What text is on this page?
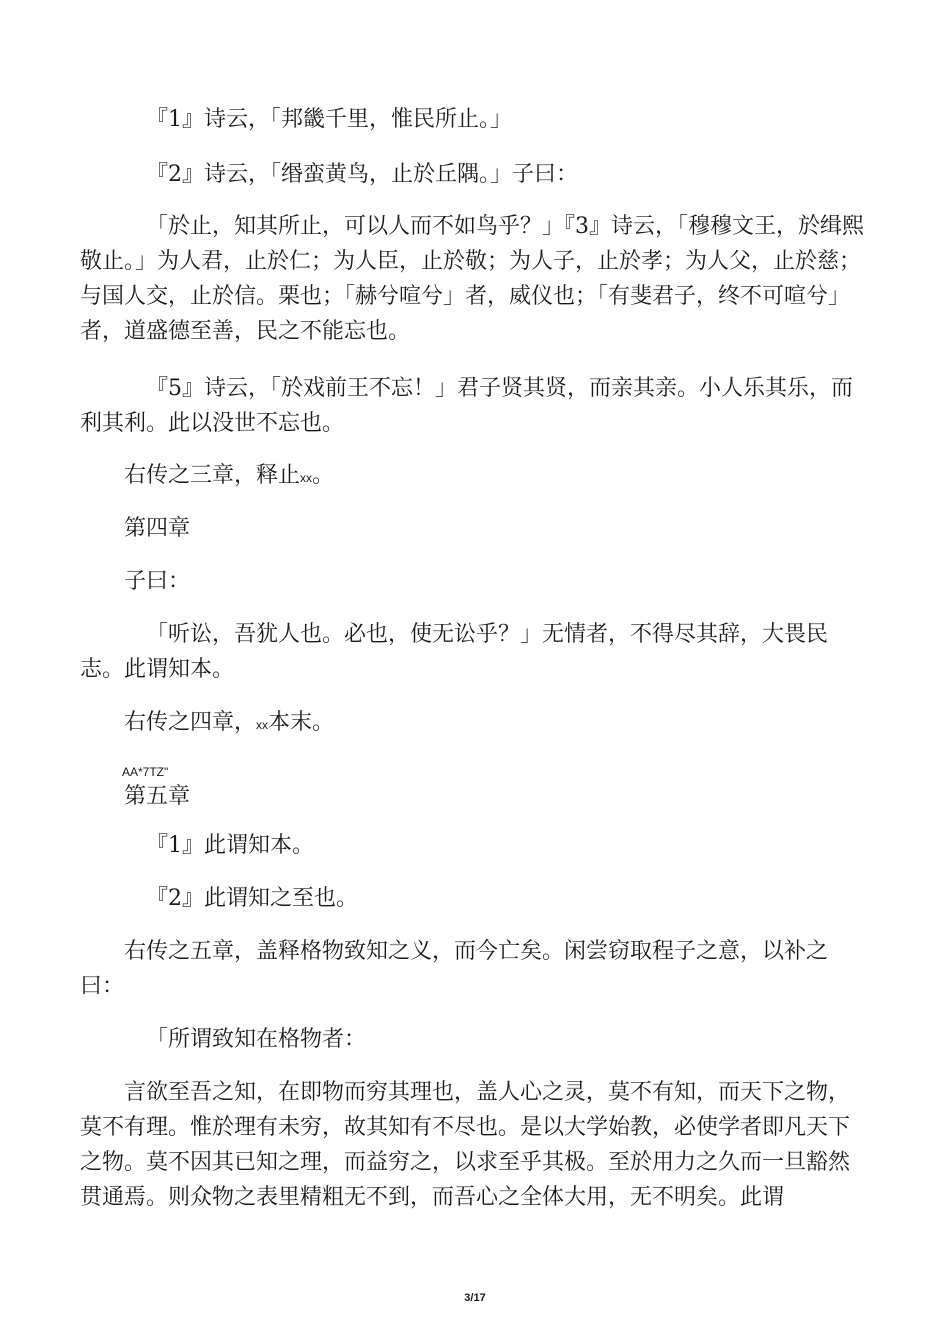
『1』诗云，「邦畿千里，惟民所止。」

『2』诗云，「缗蛮黄鸟，止於丘隅。」子曰：

「於止，知其所止，可以人而不如鸟乎？」『3』诗云，「穆穆文王，於缉熙敬止。」为人君，止於仁；为人臣，止於敬；为人子，止於孝；为人父，止於慈；与国人交，止於信。栗也；「赫兮喧兮」者，威仪也；「有斐君子，终不可喧兮」者，道盛德至善，民之不能忘也。

『5』诗云，「於戏前王不忘！」君子贤其贤，而亲其亲。小人乐其乐，而利其利。此以没世不忘也。

右传之三章，释止xx。

第四章

子曰：

「听讼，吾犹人也。必也，使无讼乎？」无情者，不得尽其辞，大畏民志。此谓知本。

右传之四章，xx本末。

AA*7TZ"

第五章

『1』此谓知本。

『2』此谓知之至也。

右传之五章，盖释格物致知之义，而今亡矣。闲尝窃取程子之意，以补之曰：

「所谓致知在格物者：

言欲至吾之知，在即物而穷其理也，盖人心之灵，莫不有知，而天下之物，莫不有理。惟於理有未穷，故其知有不尽也。是以大学始教，必使学者即凡天下之物。莫不因其已知之理，而益穷之，以求至乎其极。至於用力之久而一旦豁然贯通焉。则众物之表里精粗无不到，而吾心之全体大用，无不明矣。此谓

3/17
